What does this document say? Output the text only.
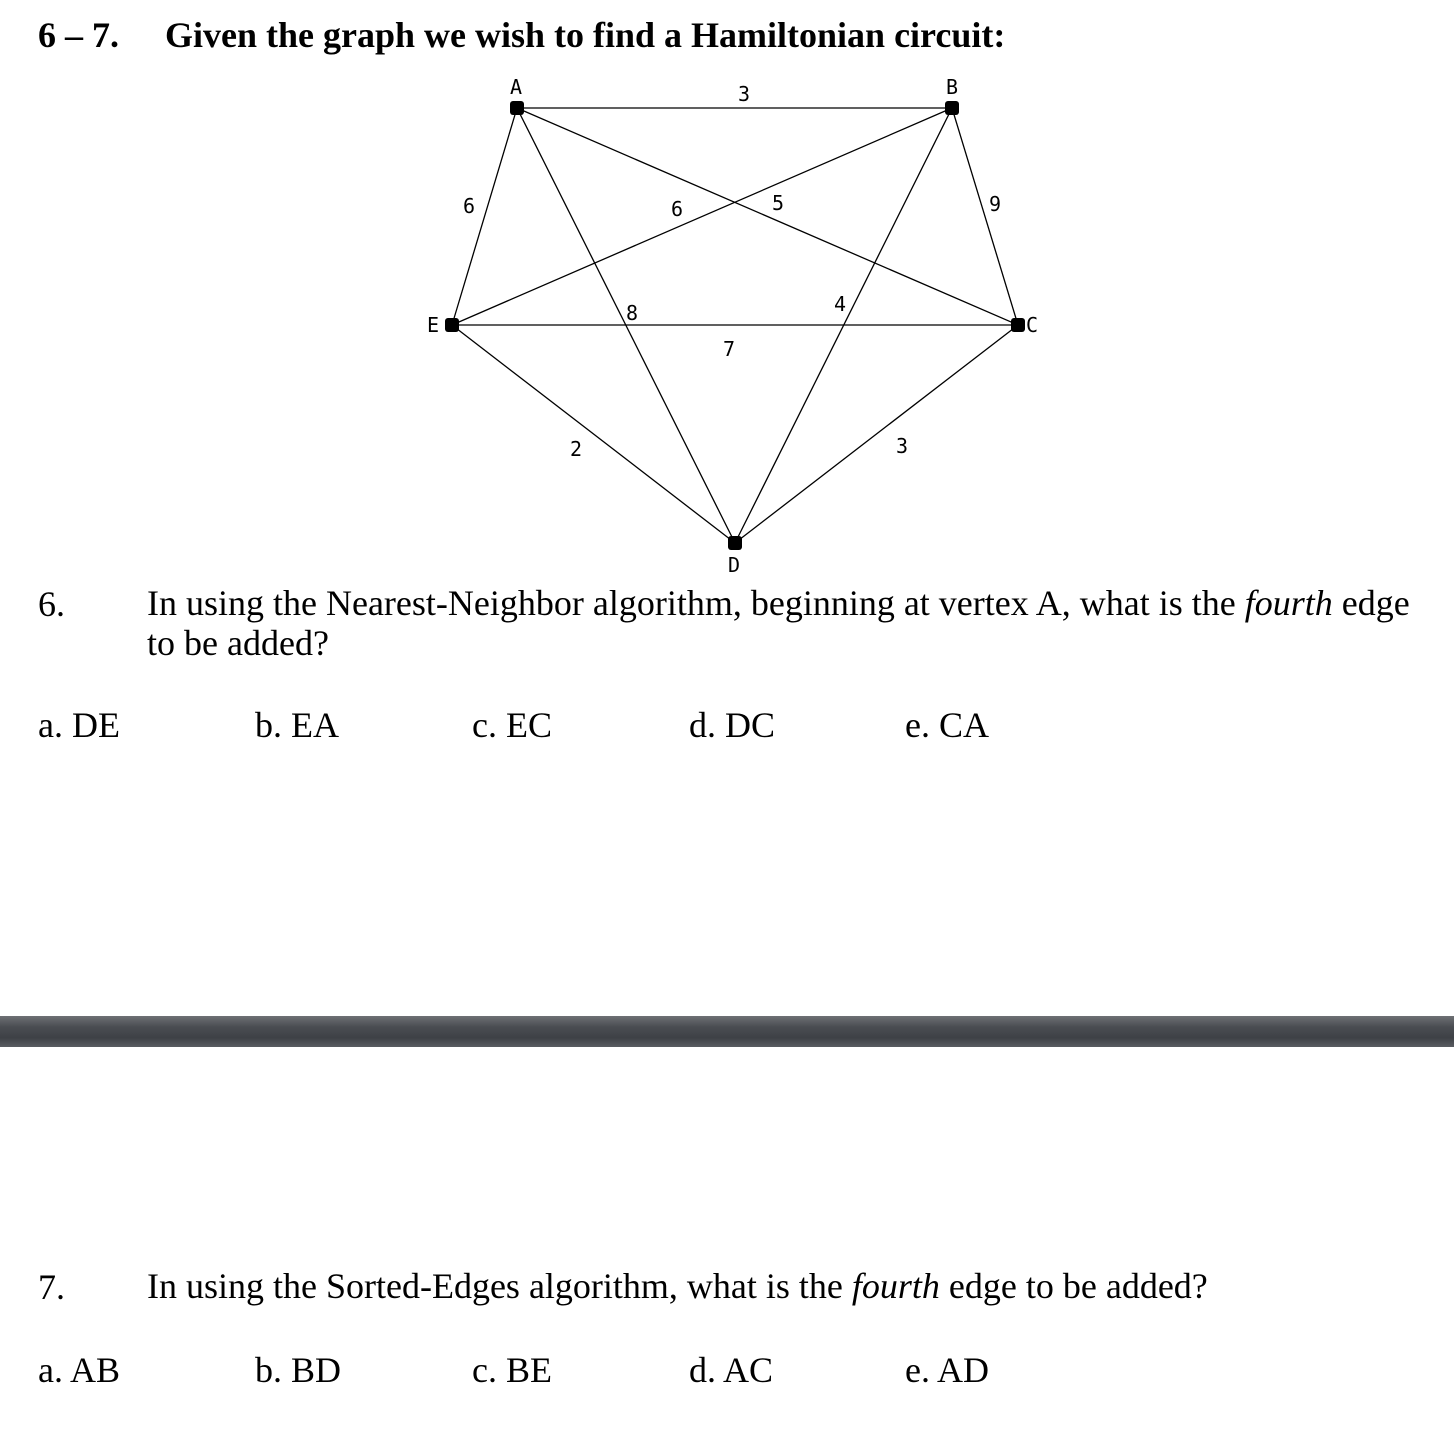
6 – 7. Given the graph we wish to find a Hamiltonian circuit:
A	B
C
D
E
3
6
8
6	9
4
5
3
7
2
6. In using the Nearest-Neighbor algorithm, beginning at vertex A, what is the fourth edge to be added?
a. DE	b. EA	c. EC	d. DC	e. CA
7. In using the Sorted-Edges algorithm, what is the fourth edge to be added?
a. AB	b. BD	c. BE	d. AC	e. AD
